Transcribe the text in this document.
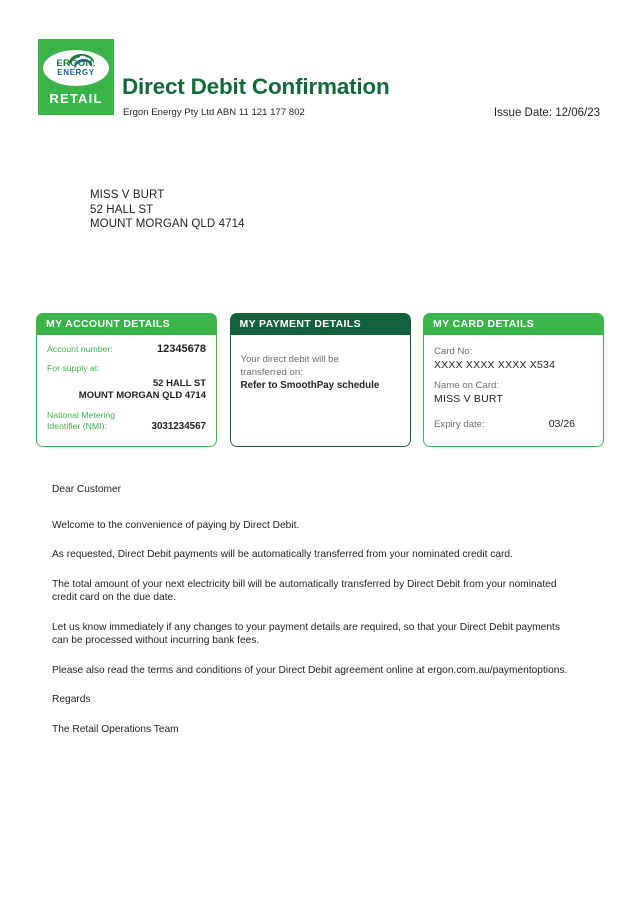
ERGON.
ENERGY
RETAIL Direct Debit Confirmation
Ergon Energy Pty Ltd ABN 11 121 177 802	Issue Date: 12/06/23
MISS V BURT
52 HALL ST
MOUNT MORGAN QLD 4714
MY ACCOUNT DETAILS
Account number:	12345678
For supply at:
52 HALL ST
MOUNT MORGAN QLD 4714
National Metering
Identifier (NMI):	3031234567
MY PAYMENT DETAILS
Your direct debit will be
transferred on:
Refer to SmoothPay schedule
MY CARD DETAILS
Card No:
XXXX XXXX XXXX X534
Name on Card:
MISS V BURT
Expiry date:	03/26

Dear Customer

Welcome to the convenience of paying by Direct Debit.

As requested, Direct Debit payments will be automatically transferred from your nominated credit card.

The total amount of your next electricity bill will be automatically transferred by Direct Debit from your nominated credit card on the due date.

Let us know immediately if any changes to your payment details are required, so that your Direct Debit payments can be processed without incurring bank fees.

Please also read the terms and conditions of your Direct Debit agreement online at ergon.com.au/paymentoptions.

Regards

The Retail Operations Team
